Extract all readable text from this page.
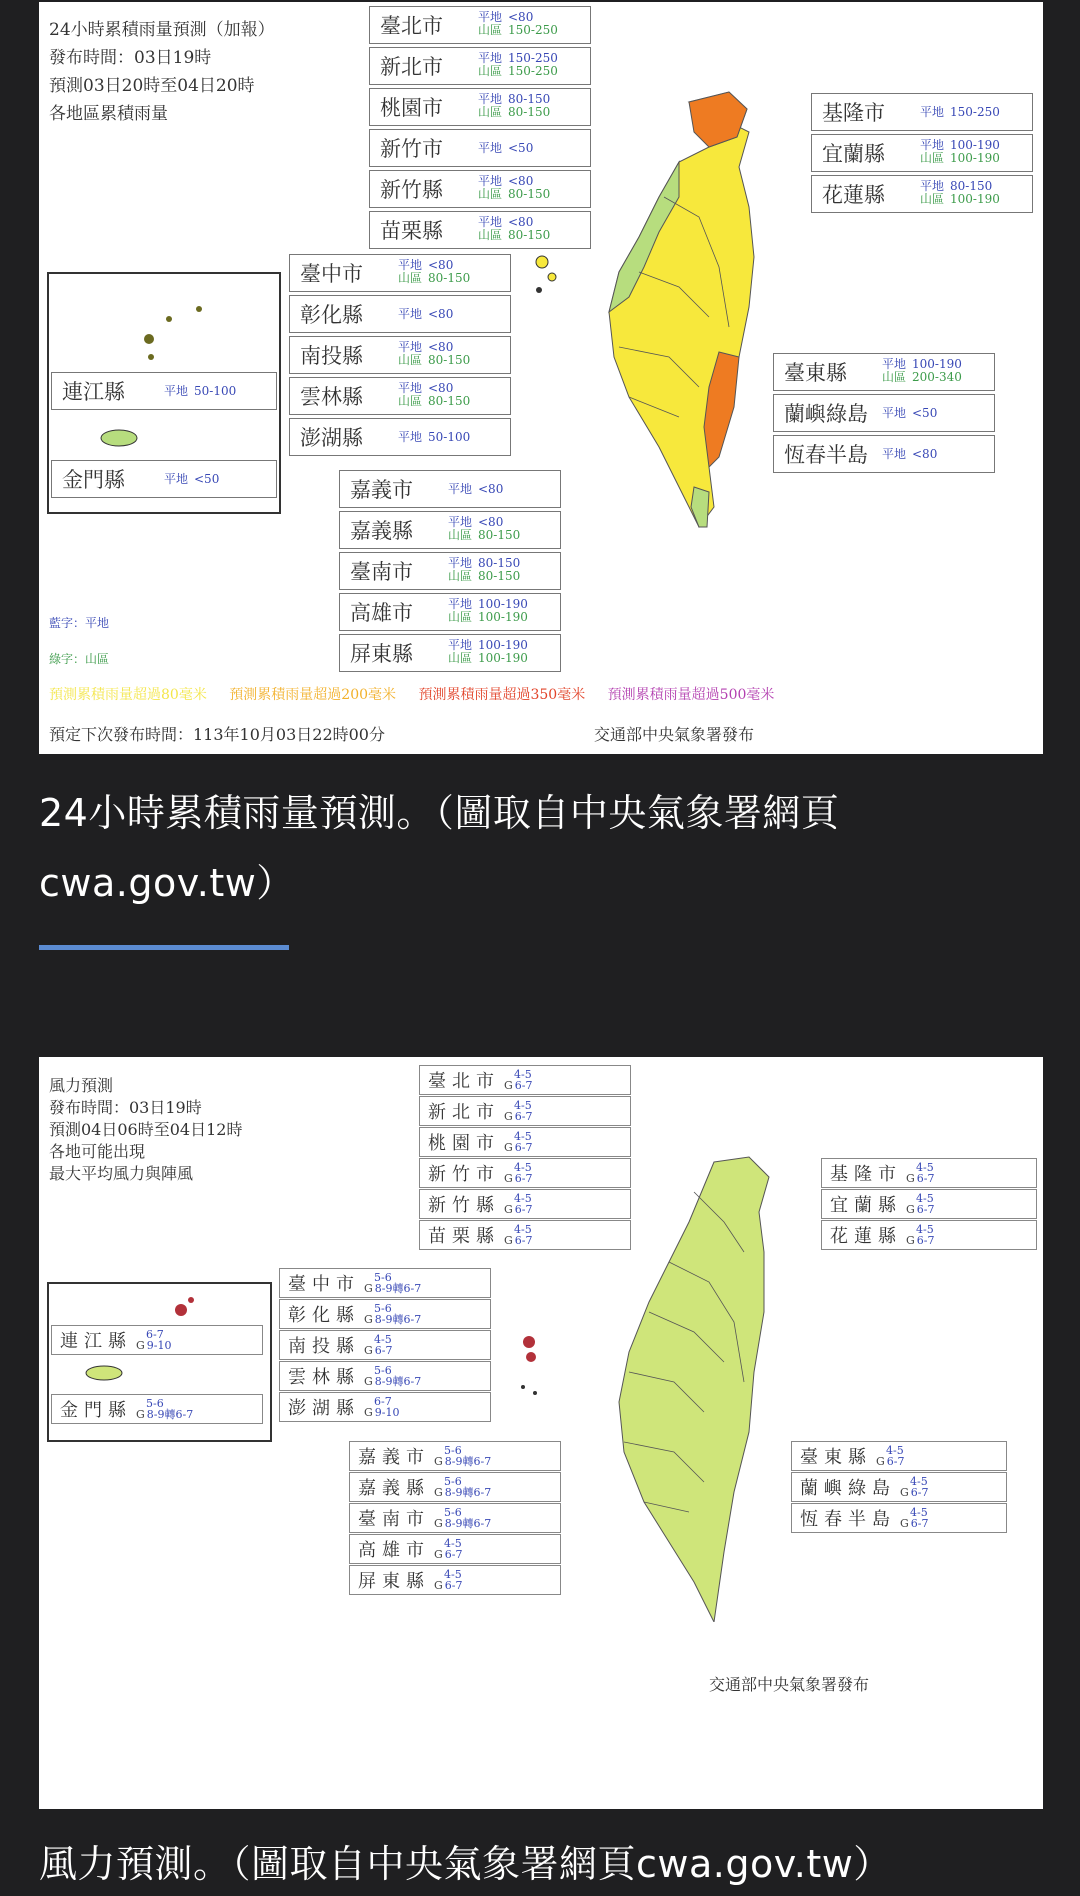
24小時累積雨量預測（加報）
發布時間：03日19時
預測03日20時至04日20時
各地區累積雨量
臺北市	平地 <80
山區 150-250
新北市	平地 150-250
山區 150-250
桃園市	平地 80-150
山區 80-150
新竹市	平地 <50
新竹縣	平地 <80
山區 80-150
苗栗縣	平地 <80
山區 80-150
基隆市	平地 150-250
宜蘭縣	平地 100-190
山區 100-190
花蓮縣	平地 80-150
山區 100-190
臺中市	平地 <80
山區 80-150
彰化縣	平地 <80
南投縣	平地 <80
山區 80-150
雲林縣	平地 <80
山區 80-150
澎湖縣	平地 50-100
連江縣	平地 50-100
金門縣	平地 <50
臺東縣	平地 100-190
山區 200-340
蘭嶼綠島 平地 <50
恆春半島 平地 <80
嘉義市	平地 <80
嘉義縣	平地 <80
山區 80-150
臺南市	平地 80-150
山區 80-150
高雄市	平地 100-190
山區 100-190
屏東縣	平地 100-190
山區 100-190
藍字：平地
綠字：山區
預測累積雨量超過80毫米 預測累積雨量超過200毫米 預測累積雨量超過350毫米 預測累積雨量超過500毫米
預定下次發布時間：113年10月03日22時00分	交通部中央氣象署發布
24小時累積雨量預測。（圖取自中央氣象署網頁cwa.gov.tw）
風力預測
發布時間：03日19時
預測04日06時至04日12時
各地可能出現
最大平均風力與陣風
臺北市	4-5
G 6-7
新北市	4-5
G 6-7
桃園市	4-5
G 6-7
新竹市	4-5
G 6-7
新竹縣	4-5
G 6-7
苗栗縣	4-5
G 6-7
基隆市	4-5
G 6-7
宜蘭縣	4-5
G 6-7
花蓮縣	4-5
G 6-7
臺中市	5-6
G 8-9轉6-7
彰化縣	5-6
G 8-9轉6-7
南投縣	4-5
G 6-7
雲林縣	5-6
G 8-9轉6-7
澎湖縣	6-7
G 9-10
連江縣	6-7
G 9-10
金門縣	5-6
G 8-9轉6-7
嘉義市	5-6
G 8-9轉6-7
嘉義縣	5-6
G 8-9轉6-7
臺南市	5-6
G 8-9轉6-7
高雄市	4-5
G 6-7
屏東縣	4-5
G 6-7
臺東縣	4-5
G 6-7
蘭嶼綠島	4-5
G 6-7
恆春半島	4-5
G 6-7
交通部中央氣象署發布
風力預測。（圖取自中央氣象署網頁cwa.gov.tw）
